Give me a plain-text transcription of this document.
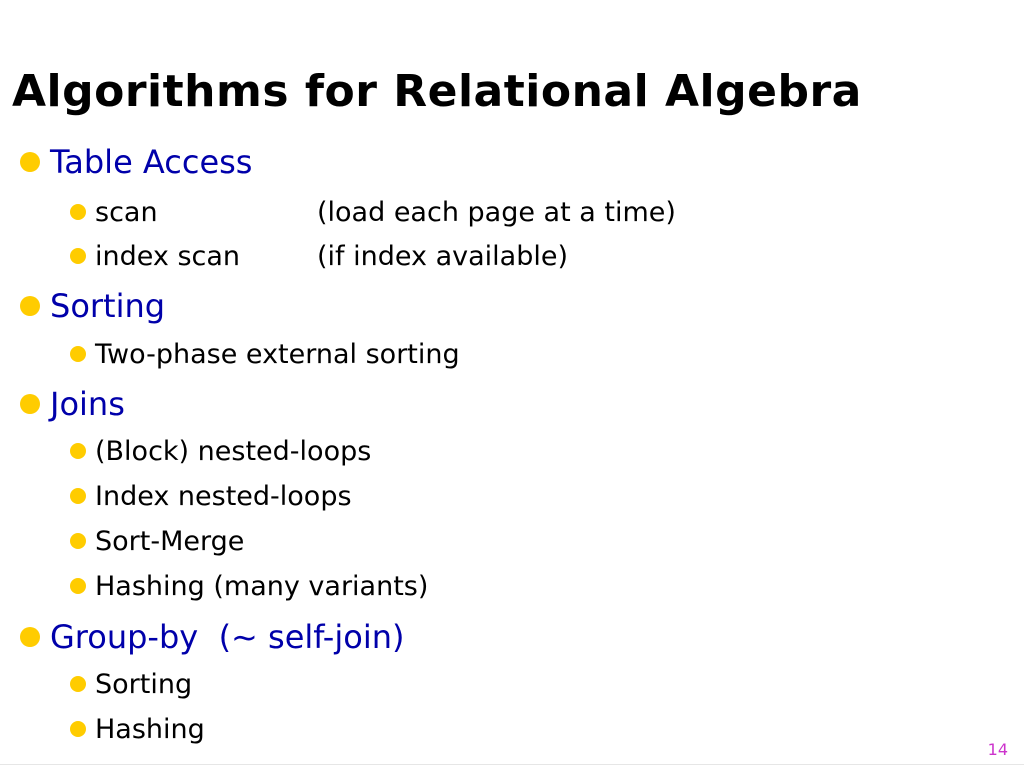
Algorithms for Relational Algebra
Table Access
scan	(load each page at a time)
index scan	(if index available)
Sorting
Two-phase external sorting
Joins
(Block) nested-loops
Index nested-loops
Sort-Merge
Hashing (many variants)
Group-by  (~ self-join)
Sorting
Hashing
14
